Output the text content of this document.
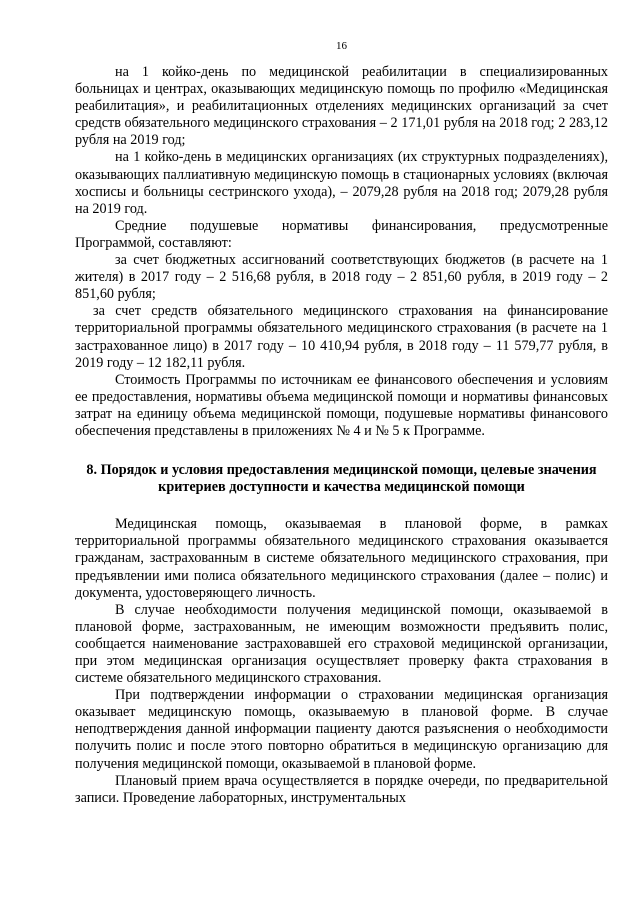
16

на 1 койко-день по медицинской реабилитации в специализированных больницах и центрах, оказывающих медицинскую помощь по профилю «Медицинская реабилитация», и реабилитационных отделениях медицинских организаций за счет средств обязательного медицинского страхования – 2 171,01 рубля на 2018 год; 2 283,12 рубля на 2019 год;

на 1 койко-день в медицинских организациях (их структурных подразделениях), оказывающих паллиативную медицинскую помощь в стационарных условиях (включая хосписы и больницы сестринского ухода), – 2079,28 рубля на 2018 год; 2079,28 рубля на 2019 год.

Средние подушевые нормативы финансирования, предусмотренные Программой, составляют:

за счет бюджетных ассигнований соответствующих бюджетов (в расчете на 1 жителя) в 2017 году – 2 516,68 рубля, в 2018 году – 2 851,60 рубля, в 2019 году – 2 851,60 рубля;

за счет средств обязательного медицинского страхования на финансирование территориальной программы обязательного медицинского страхования (в расчете на 1 застрахованное лицо) в 2017 году – 10 410,94 рубля, в 2018 году – 11 579,77 рубля, в 2019 году – 12 182,11 рубля.

Стоимость Программы по источникам ее финансового обеспечения и условиям ее предоставления, нормативы объема медицинской помощи и нормативы финансовых затрат на единицу объема медицинской помощи, подушевые нормативы финансового обеспечения представлены в приложениях № 4 и № 5 к Программе.

8. Порядок и условия предоставления медицинской помощи, целевые значения критериев доступности и качества медицинской помощи

Медицинская помощь, оказываемая в плановой форме, в рамках территориальной программы обязательного медицинского страхования оказывается гражданам, застрахованным в системе обязательного медицинского страхования, при предъявлении ими полиса обязательного медицинского страхования (далее – полис) и документа, удостоверяющего личность.

В случае необходимости получения медицинской помощи, оказываемой в плановой форме, застрахованным, не имеющим возможности предъявить полис, сообщается наименование застраховавшей его страховой медицинской организации, при этом медицинская организация осуществляет проверку факта страхования в системе обязательного медицинского страхования.

При подтверждении информации о страховании медицинская организация оказывает медицинскую помощь, оказываемую в плановой форме. В случае неподтверждения данной информации пациенту даются разъяснения о необходимости получить полис и после этого повторно обратиться в медицинскую организацию для получения медицинской помощи, оказываемой в плановой форме.

Плановый прием врача осуществляется в порядке очереди, по предварительной записи. Проведение лабораторных, инструментальных
